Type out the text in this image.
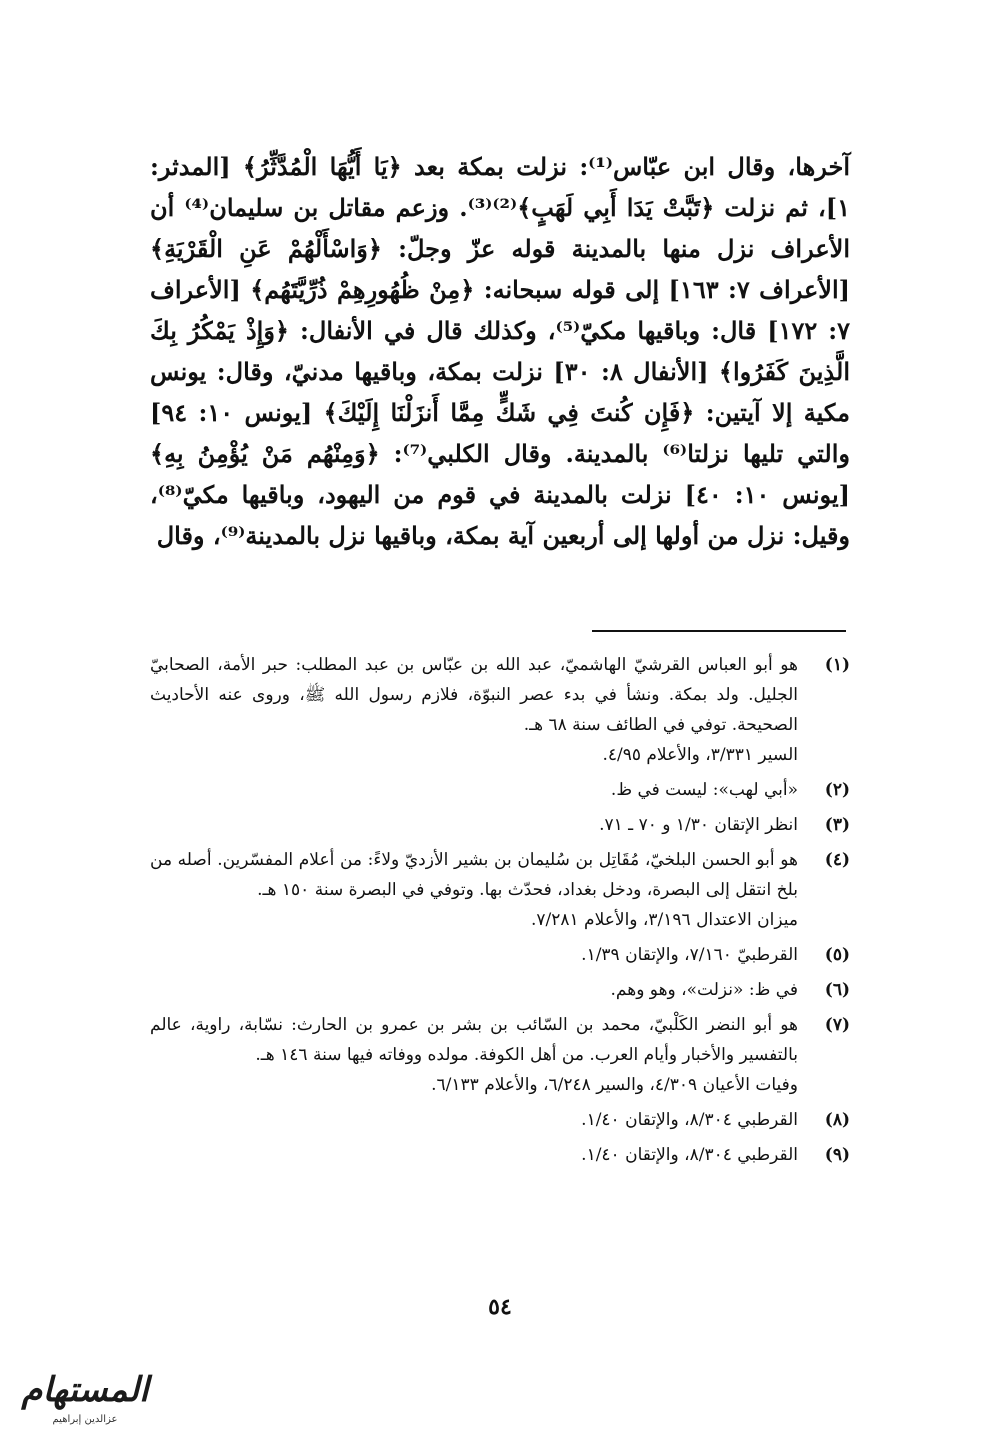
آخرها، وقال ابن عبّاس⁽¹⁾: نزلت بمكة بعد ﴿يَا أَيُّهَا الْمُدَّثِّرُ﴾ [المدثر: ١]، ثم نزلت ﴿تَبَّتْ يَدَا أَبِي لَهَبٍ﴾⁽²⁾⁽³⁾. وزعم مقاتل بن سليمان⁽⁴⁾ أن الأعراف نزل منها بالمدينة قوله عزّ وجلّ: ﴿وَاسْأَلْهُمْ عَنِ الْقَرْيَةِ﴾ [الأعراف ٧: ١٦٣] إلى قوله سبحانه: ﴿مِنْ ظُهُورِهِمْ ذُرِّيَّتَهُم﴾ [الأعراف ٧: ١٧٢] قال: وباقيها مكيّ⁽⁵⁾، وكذلك قال في الأنفال: ﴿وَإِذْ يَمْكُرُ بِكَ الَّذِينَ كَفَرُوا﴾ [الأنفال ٨: ٣٠] نزلت بمكة، وباقيها مدنيّ، وقال: يونس مكية إلا آيتين: ﴿فَإِن كُنتَ فِي شَكٍّ مِمَّا أَنزَلْنَا إِلَيْكَ﴾ [يونس ١٠: ٩٤] والتي تليها نزلتا⁽⁶⁾ بالمدينة. وقال الكلبي⁽⁷⁾: ﴿وَمِنْهُم مَنْ يُؤْمِنُ بِهِ﴾ [يونس ١٠: ٤٠] نزلت بالمدينة في قوم من اليهود، وباقيها مكيّ⁽⁸⁾، وقيل: نزل من أولها إلى أربعين آية بمكة، وباقيها نزل بالمدينة⁽⁹⁾، وقال

(١)
هو أبو العباس القرشيّ الهاشميّ، عبد الله بن عبّاس بن عبد المطلب: حبر الأمة، الصحابيّ الجليل. ولد بمكة. ونشأ في بدء عصر النبوّة، فلازم رسول الله ﷺ، وروى عنه الأحاديث الصحيحة. توفي في الطائف سنة ٦٨ هـ.
السير ٣/٣٣١، والأعلام ٤/٩٥.
(٢)
«أبي لهب»: ليست في ظ.
(٣)
انظر الإتقان ١/٣٠ و ٧٠ ـ ٧١.
(٤)
هو أبو الحسن البلخيّ، مُقَاتِل بن سُليمان بن بشير الأزديّ ولاءً: من أعلام المفسّرين. أصله من بلخ انتقل إلى البصرة، ودخل بغداد، فحدّث بها. وتوفي في البصرة سنة ١٥٠ هـ.
ميزان الاعتدال ٣/١٩٦، والأعلام ٧/٢٨١.
(٥)
القرطبيّ ٧/١٦٠، والإتقان ١/٣٩.
(٦)
في ظ: «نزلت»، وهو وهم.
(٧)
هو أبو النضر الكَلْبيّ، محمد بن السّائب بن بشر بن عمرو بن الحارث: نسّابة، راوية، عالم بالتفسير والأخبار وأيام العرب. من أهل الكوفة. مولده ووفاته فيها سنة ١٤٦ هـ.
وفيات الأعيان ٤/٣٠٩، والسير ٦/٢٤٨، والأعلام ٦/١٣٣.
(٨)
القرطبي ٨/٣٠٤، والإتقان ١/٤٠.
(٩)
القرطبي ٨/٣٠٤، والإتقان ١/٤٠.
٥٤
المستهام
عزالدين إبراهيم
